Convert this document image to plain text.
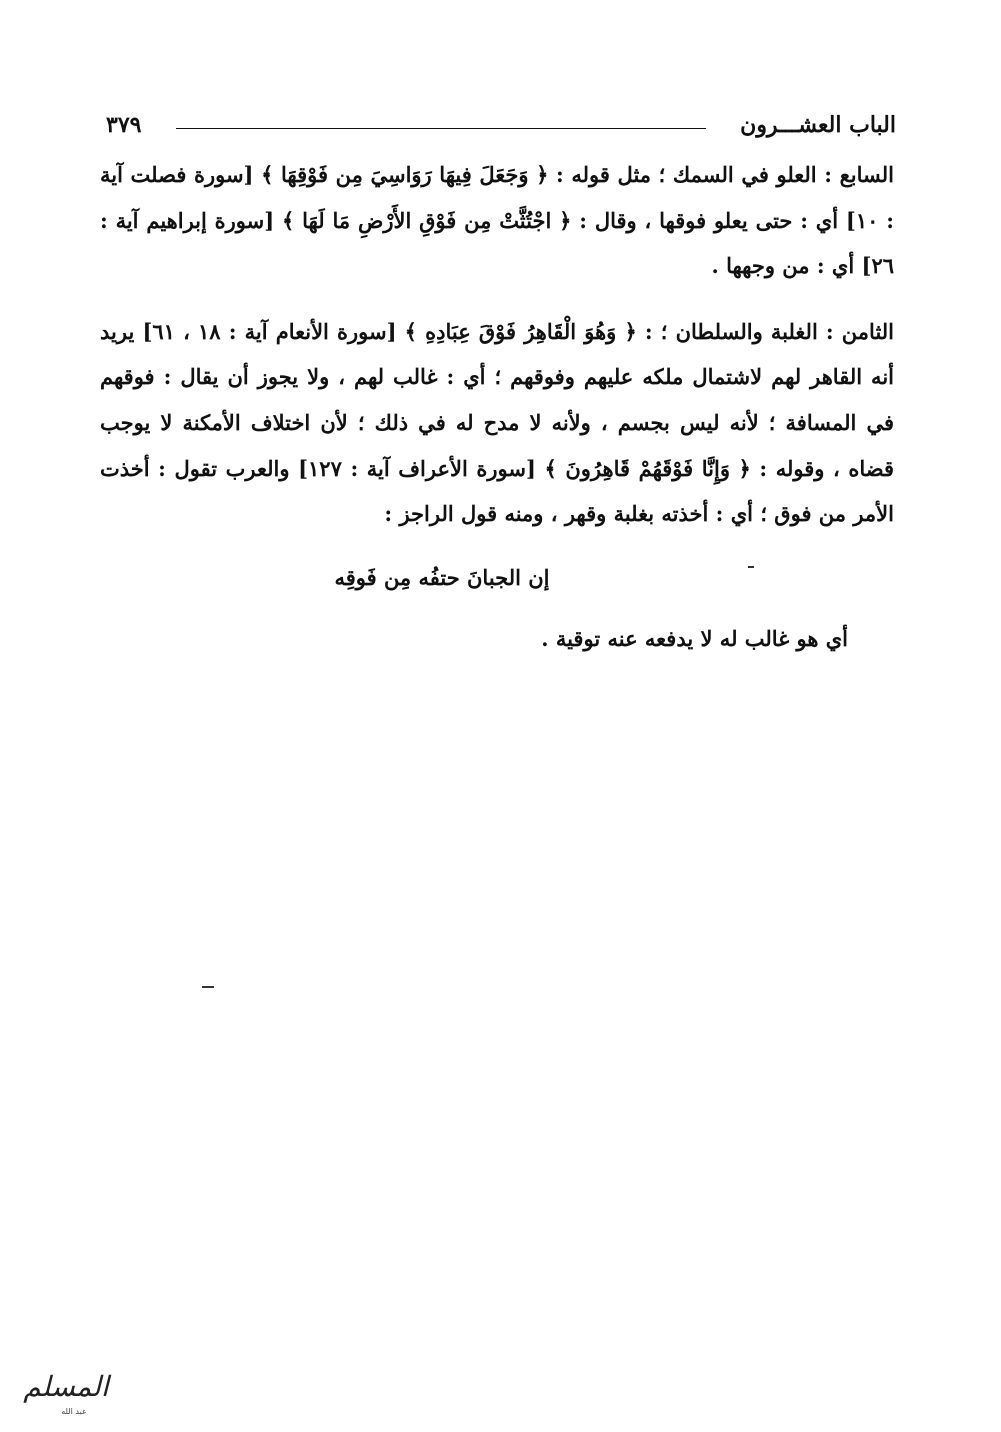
الباب العشـــرون
٣٧٩

السابع : العلو في السمك ؛ مثل قوله : ﴿ وَجَعَلَ فِيهَا رَوَاسِيَ مِن فَوْقِهَا ﴾ [سورة فصلت آية : ١٠] أي : حتى يعلو فوقها ، وقال : ﴿ اجْتُثَّتْ مِن فَوْقِ الأَرْضِ مَا لَهَا ﴾ [سورة إبراهيم آية : ٢٦] أي : من وجهها .

الثامن : الغلبة والسلطان ؛ : ﴿ وَهُوَ الْقَاهِرُ فَوْقَ عِبَادِهِ ﴾ [سورة الأنعام آية : ١٨ ، ٦١] يريد أنه القاهر لهم لاشتمال ملكه عليهم وفوقهم ؛ أي : غالب لهم ، ولا يجوز أن يقال : فوقهم في المسافة ؛ لأنه ليس بجسم ، ولأنه لا مدح له في ذلك ؛ لأن اختلاف الأمكنة لا يوجب قضاه ، وقوله : ﴿ وَإِنَّا فَوْقَهُمْ قَاهِرُونَ ﴾ [سورة الأعراف آية : ١٢٧] والعرب تقول : أخذت الأمر من فوق ؛ أي : أخذته بغلبة وقهر ، ومنه قول الراجز :

إن الجبانَ حتفُه مِن فَوقِه

أي هو غالب له لا يدفعه عنه توقية .

المسلم
عبد الله
